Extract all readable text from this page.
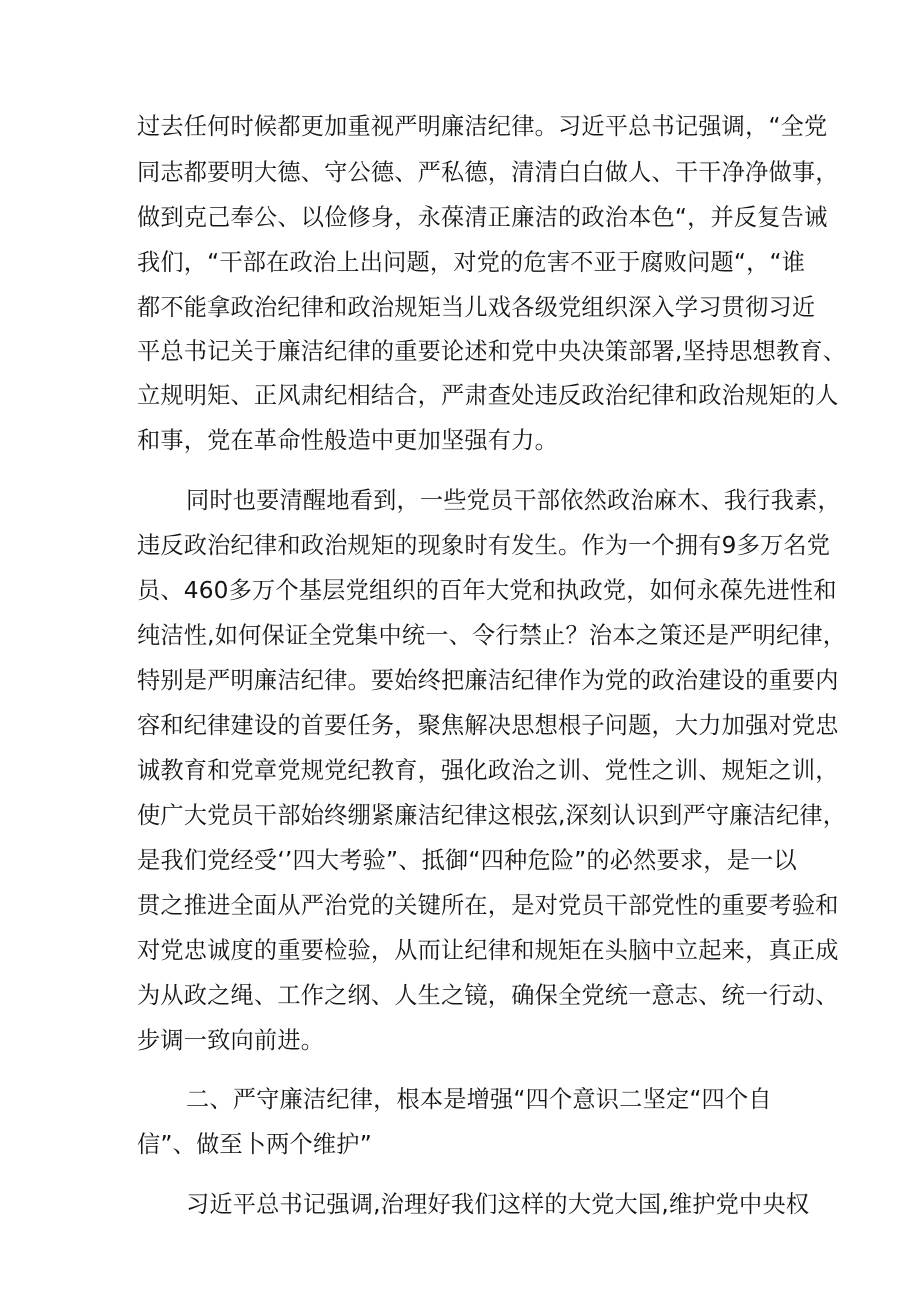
过去任何时候都更加重视严明廉洁纪律。习近平总书记强调，“全党
同志都要明大德、守公德、严私德，清清白白做人、干干净净做事，
做到克己奉公、以俭修身，永葆清正廉洁的政治本色“，并反复告诫
我们，“干部在政治上出问题，对党的危害不亚于腐败问题“，“谁
都不能拿政治纪律和政治规矩当儿戏各级党组织深入学习贯彻习近
平总书记关于廉洁纪律的重要论述和党中央决策部署,坚持思想教育、
立规明矩、正风肃纪相结合，严肃查处违反政治纪律和政治规矩的人
和事，党在革命性般造中更加坚强有力。
同时也要清醒地看到，一些党员干部依然政治麻木、我行我素，
违反政治纪律和政治规矩的现象时有发生。作为一个拥有9多万名党
员、460多万个基层党组织的百年大党和执政党，如何永葆先进性和
纯洁性,如何保证全党集中统一、令行禁止？治本之策还是严明纪律，
特别是严明廉洁纪律。要始终把廉洁纪律作为党的政治建设的重要内
容和纪律建设的首要任务，聚焦解决思想根子问题，大力加强对党忠
诚教育和党章党规党纪教育，强化政治之训、党性之训、规矩之训，
使广大党员干部始终绷紧廉洁纪律这根弦,深刻认识到严守廉洁纪律，
是我们党经受‘’四大考验”、抵御“四种危险”的必然要求，是一以
贯之推进全面从严治党的关键所在，是对党员干部党性的重要考验和
对党忠诚度的重要检验，从而让纪律和规矩在头脑中立起来，真正成
为从政之绳、工作之纲、人生之镜，确保全党统一意志、统一行动、
步调一致向前进。
二、严守廉洁纪律，根本是增强“四个意识二坚定“四个自
信”、做至卜两个维护”
习近平总书记强调,治理好我们这样的大党大国,维护党中央权
